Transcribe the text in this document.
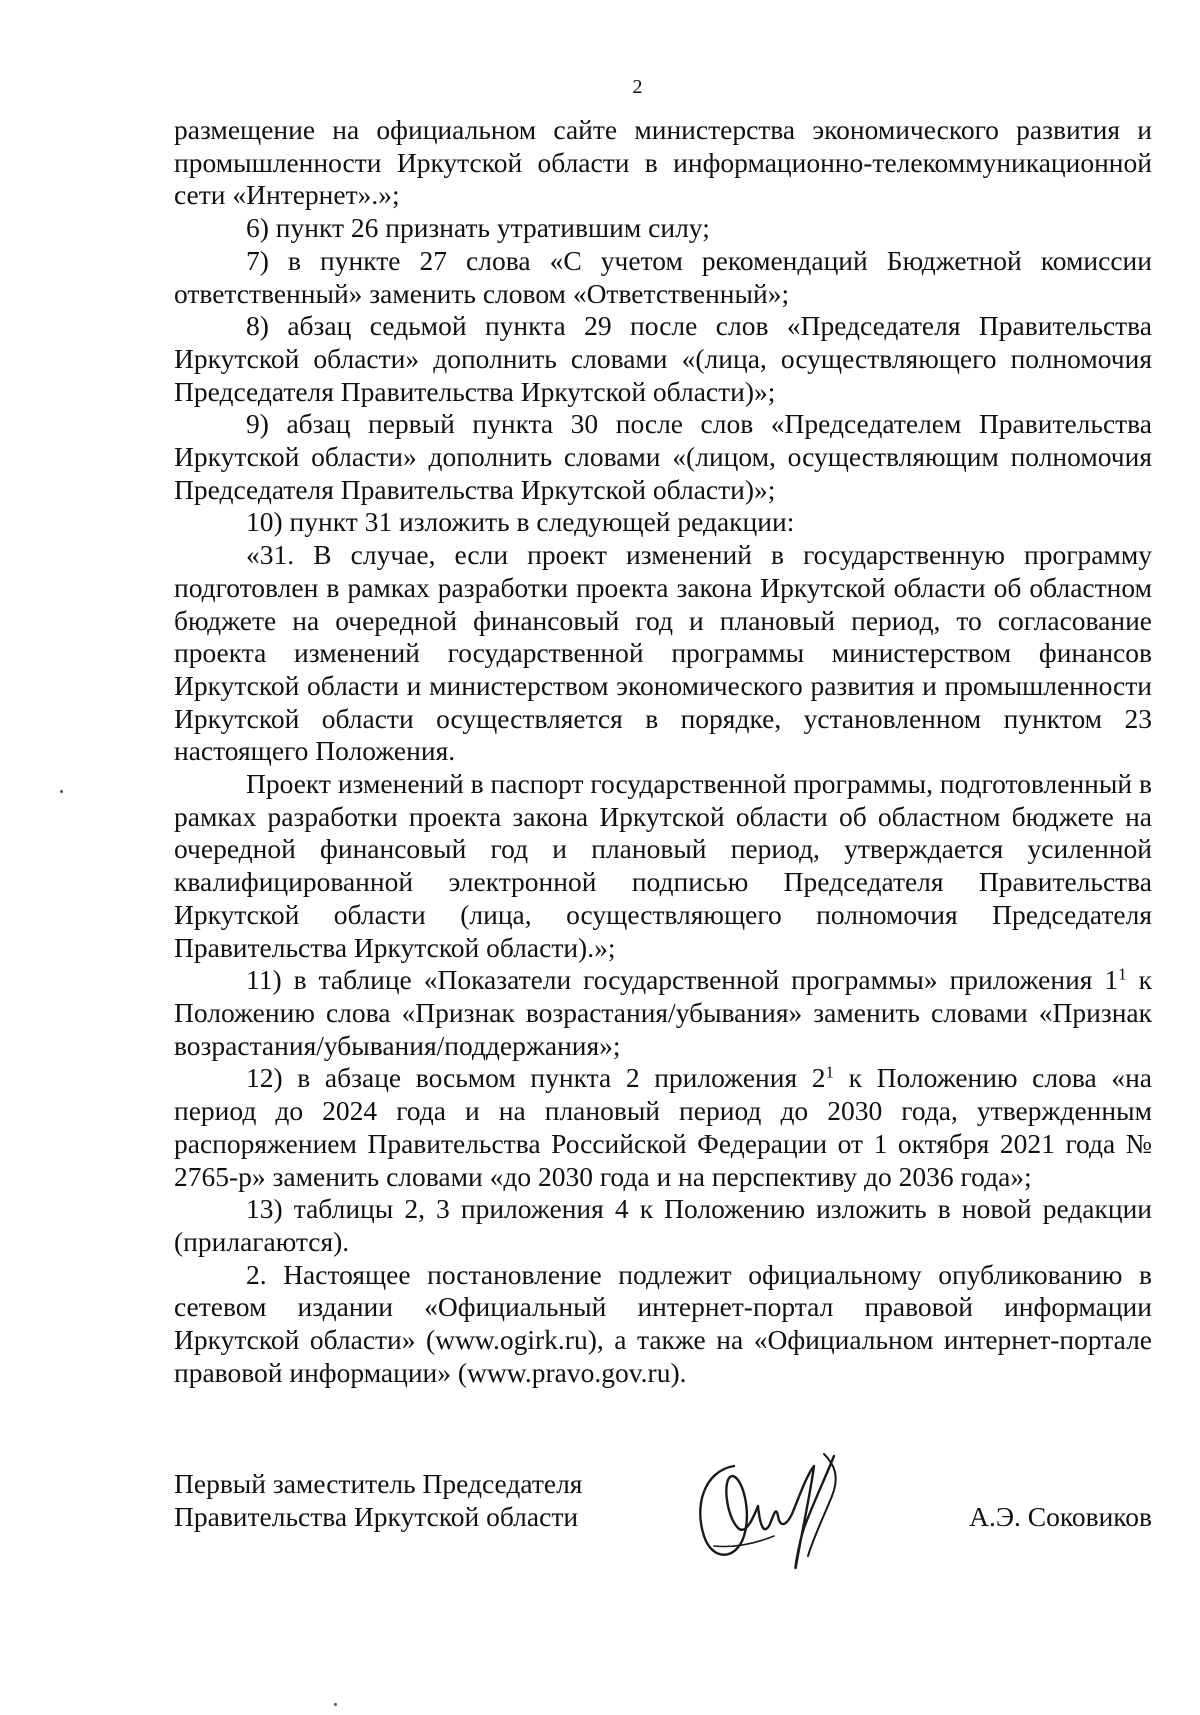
2

размещение на официальном сайте министерства экономического развития и промышленности Иркутской области в информационно-телекоммуникационной сети «Интернет».»;

6) пункт 26 признать утратившим силу;

7) в пункте 27 слова «С учетом рекомендаций Бюджетной комиссии ответственный» заменить словом «Ответственный»;

8) абзац седьмой пункта 29 после слов «Председателя Правительства Иркутской области» дополнить словами «(лица, осуществляющего полномочия Председателя Правительства Иркутской области)»;

9) абзац первый пункта 30 после слов «Председателем Правительства Иркутской области» дополнить словами «(лицом, осуществляющим полномочия Председателя Правительства Иркутской области)»;

10) пункт 31 изложить в следующей редакции:

«31. В случае, если проект изменений в государственную программу подготовлен в рамках разработки проекта закона Иркутской области об областном бюджете на очередной финансовый год и плановый период, то согласование проекта изменений государственной программы министерством финансов Иркутской области и министерством экономического развития и промышленности Иркутской области осуществляется в порядке, установленном пунктом 23 настоящего Положения.

Проект изменений в паспорт государственной программы, подготовленный в рамках разработки проекта закона Иркутской области об областном бюджете на очередной финансовый год и плановый период, утверждается усиленной квалифицированной электронной подписью Председателя Правительства Иркутской области (лица, осуществляющего полномочия Председателя Правительства Иркутской области).»;

11) в таблице «Показатели государственной программы» приложения $1^1$ к Положению слова «Признак возрастания/убывания» заменить словами «Признак возрастания/убывания/поддержания»;

12) в абзаце восьмом пункта 2 приложения $2^1$ к Положению слова «на период до 2024 года и на плановый период до 2030 года, утвержденным распоряжением Правительства Российской Федерации от 1 октября 2021 года № 2765-р» заменить словами «до 2030 года и на перспективу до 2036 года»;

13) таблицы 2, 3 приложения 4 к Положению изложить в новой редакции (прилагаются).

2. Настоящее постановление подлежит официальному опубликованию в сетевом издании «Официальный интернет-портал правовой информации Иркутской области» (www.ogirk.ru), а также на «Официальном интернет-портале правовой информации» (www.pravo.gov.ru).

Первый заместитель Председателя
Правительства Иркутской области	А.Э. Соковиков
